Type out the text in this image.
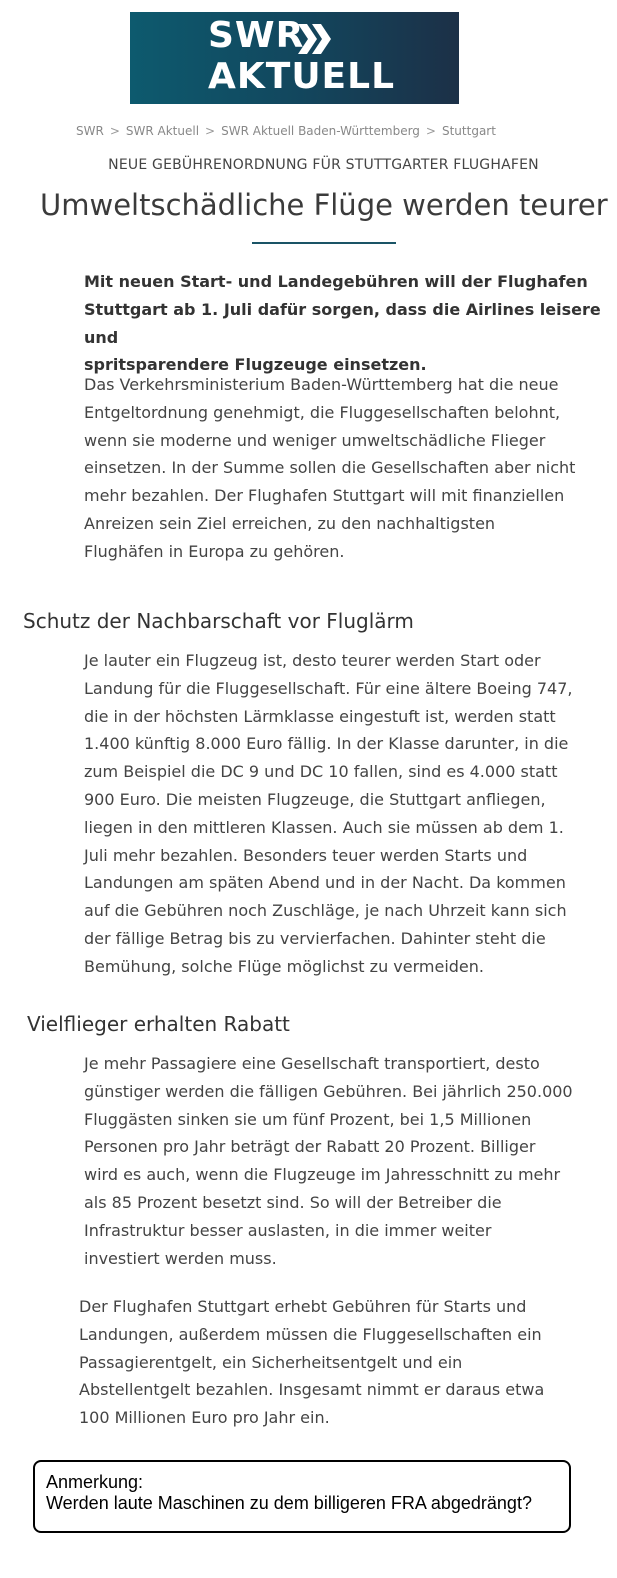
SWR
AKTUELL
SWR > SWR Aktuell > SWR Aktuell Baden-Württemberg > Stuttgart
NEUE GEBÜHRENORDNUNG FÜR STUTTGARTER FLUGHAFEN
Umweltschädliche Flüge werden teurer
Mit neuen Start- und Landegebühren will der Flughafen
Stuttgart ab 1. Juli dafür sorgen, dass die Airlines leisere und
spritsparendere Flugzeuge einsetzen.
Das Verkehrsministerium Baden-Württemberg hat die neue
Entgeltordnung genehmigt, die Fluggesellschaften belohnt,
wenn sie moderne und weniger umweltschädliche Flieger
einsetzen. In der Summe sollen die Gesellschaften aber nicht
mehr bezahlen. Der Flughafen Stuttgart will mit finanziellen
Anreizen sein Ziel erreichen, zu den nachhaltigsten
Flughäfen in Europa zu gehören.
Schutz der Nachbarschaft vor Fluglärm
Je lauter ein Flugzeug ist, desto teurer werden Start oder
Landung für die Fluggesellschaft. Für eine ältere Boeing 747,
die in der höchsten Lärmklasse eingestuft ist, werden statt
1.400 künftig 8.000 Euro fällig. In der Klasse darunter, in die
zum Beispiel die DC 9 und DC 10 fallen, sind es 4.000 statt
900 Euro. Die meisten Flugzeuge, die Stuttgart anfliegen,
liegen in den mittleren Klassen. Auch sie müssen ab dem 1.
Juli mehr bezahlen. Besonders teuer werden Starts und
Landungen am späten Abend und in der Nacht. Da kommen
auf die Gebühren noch Zuschläge, je nach Uhrzeit kann sich
der fällige Betrag bis zu vervierfachen. Dahinter steht die
Bemühung, solche Flüge möglichst zu vermeiden.
Vielflieger erhalten Rabatt
Je mehr Passagiere eine Gesellschaft transportiert, desto
günstiger werden die fälligen Gebühren. Bei jährlich 250.000
Fluggästen sinken sie um fünf Prozent, bei 1,5 Millionen
Personen pro Jahr beträgt der Rabatt 20 Prozent. Billiger
wird es auch, wenn die Flugzeuge im Jahresschnitt zu mehr
als 85 Prozent besetzt sind. So will der Betreiber die
Infrastruktur besser auslasten, in die immer weiter
investiert werden muss.
Der Flughafen Stuttgart erhebt Gebühren für Starts und
Landungen, außerdem müssen die Fluggesellschaften ein
Passagierentgelt, ein Sicherheitsentgelt und ein
Abstellentgelt bezahlen. Insgesamt nimmt er daraus etwa
100 Millionen Euro pro Jahr ein.
Anmerkung:
Werden laute Maschinen zu dem billigeren FRA abgedrängt?
